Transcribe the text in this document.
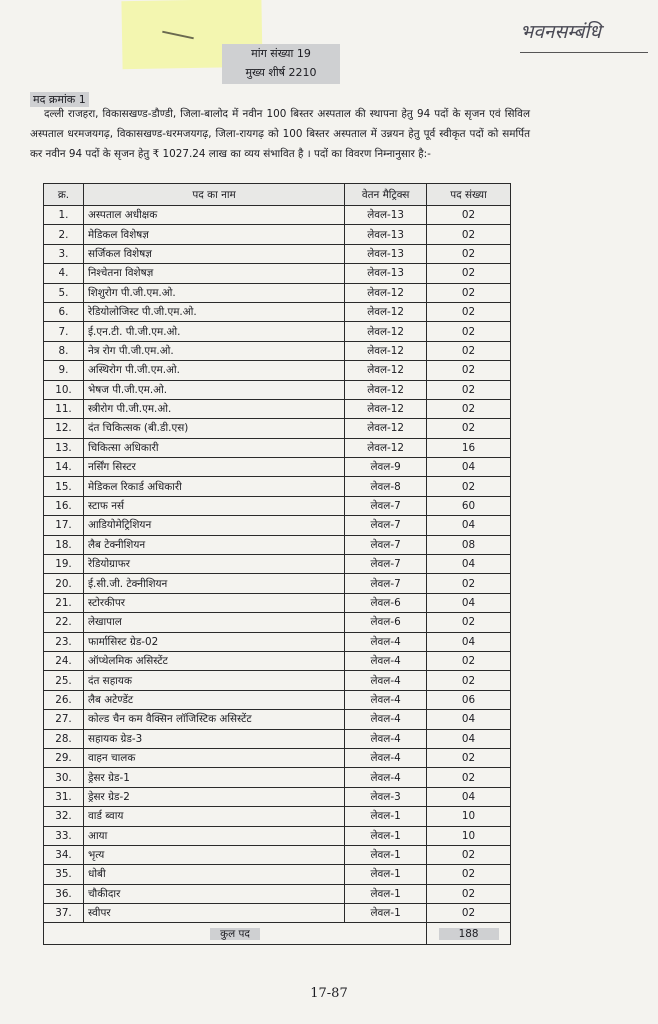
भवनसम्बंधि
मांग संख्या 19
मुख्य शीर्ष 2210
मद क्रमांक 1
दल्ली राजहरा, विकासखण्ड-डौण्डी, जिला-बालोद में नवीन 100 बिस्तर अस्पताल की स्थापना हेतु 94 पदों के सृजन एवं सिविल अस्पताल धरमजयगढ़, विकासखण्ड-धरमजयगढ़, जिला-रायगढ़ को 100 बिस्तर अस्पताल में उन्नयन हेतु पूर्व स्वीकृत पदों को समर्पित कर नवीन 94 पदों के सृजन हेतु ₹ 1027.24 लाख का व्यय संभावित है । पदों का विवरण निम्नानुसार है:-
क्र.	पद का नाम	वेतन मैट्रिक्स	पद संख्या
1.	अस्पताल अधीक्षक	लेवल-13	02
2.	मेडिकल विशेषज्ञ	लेवल-13	02
3.	सर्जिकल विशेषज्ञ	लेवल-13	02
4.	निश्चेतना विशेषज्ञ	लेवल-13	02
5.	शिशुरोग पी.जी.एम.ओ.	लेवल-12	02
6.	रेडियोलोजिस्ट पी.जी.एम.ओ.	लेवल-12	02
7.	ई.एन.टी. पी.जी.एम.ओ.	लेवल-12	02
8.	नेत्र रोग पी.जी.एम.ओ.	लेवल-12	02
9.	अस्थिरोग पी.जी.एम.ओ.	लेवल-12	02
10.	भेषज पी.जी.एम.ओ.	लेवल-12	02
11.	स्त्रीरोग पी.जी.एम.ओ.	लेवल-12	02
12.	दंत चिकित्सक (बी.डी.एस)	लेवल-12	02
13.	चिकित्सा अधिकारी	लेवल-12	16
14.	नर्सिंग सिस्टर	लेवल-9	04
15.	मेडिकल रिकार्ड अधिकारी	लेवल-8	02
16.	स्टाफ नर्स	लेवल-7	60
17.	आडियोमेट्रिशियन	लेवल-7	04
18.	लैब टेक्नीशियन	लेवल-7	08
19.	रेडियोग्राफर	लेवल-7	04
20.	ई.सी.जी. टेक्नीशियन	लेवल-7	02
21.	स्टोरकीपर	लेवल-6	04
22.	लेखापाल	लेवल-6	02
23.	फार्मासिस्ट ग्रेड-02	लेवल-4	04
24.	ऑप्थेलमिक असिस्टेंट	लेवल-4	02
25.	दंत सहायक	लेवल-4	02
26.	लैब अटेण्डेंट	लेवल-4	06
27.	कोल्ड चैन कम वैक्सिन लॉजिस्टिक असिस्टेंट	लेवल-4	04
28.	सहायक ग्रेड-3	लेवल-4	04
29.	वाहन चालक	लेवल-4	02
30.	ड्रेसर ग्रेड-1	लेवल-4	02
31.	ड्रेसर ग्रेड-2	लेवल-3	04
32.	वार्ड ब्वाय	लेवल-1	10
33.	आया	लेवल-1	10
34.	भृत्य	लेवल-1	02
35.	धोबी	लेवल-1	02
36.	चौकीदार	लेवल-1	02
37.	स्वीपर	लेवल-1	02
कुल पद			188
17-87
